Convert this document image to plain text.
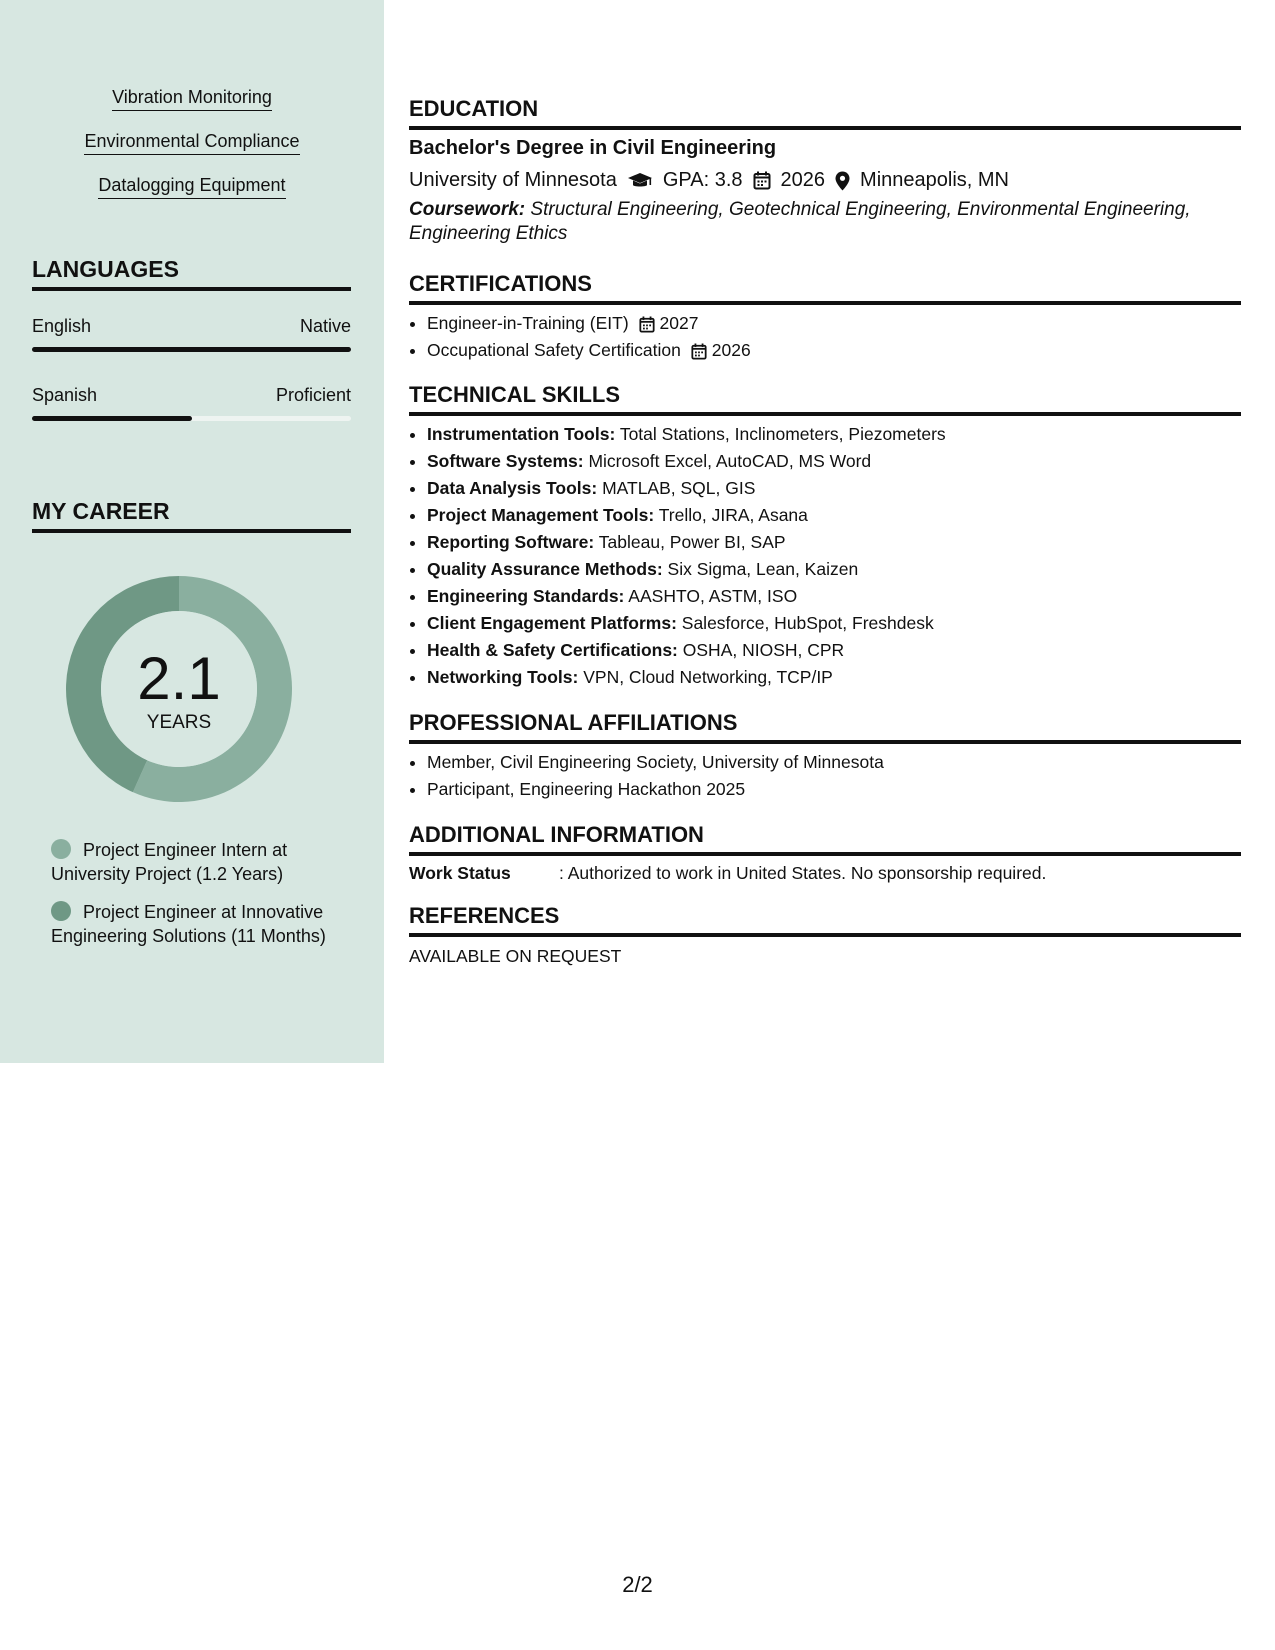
Vibration Monitoring
Environmental Compliance
Datalogging Equipment
LANGUAGES
English	Native
Spanish	Proficient
MY CAREER
2.1
YEARS
Project Engineer Intern at University Project (1.2 Years)
Project Engineer at Innovative Engineering Solutions (11 Months)
EDUCATION
Bachelor's Degree in Civil Engineering
University of Minnesota GPA: 3.8 2026 Minneapolis, MN
Coursework: Structural Engineering, Geotechnical Engineering, Environmental Engineering, Engineering Ethics
CERTIFICATIONS
• Engineer-in-Training (EIT) 2027
• Occupational Safety Certification 2026
TECHNICAL SKILLS
• Instrumentation Tools: Total Stations, Inclinometers, Piezometers
• Software Systems: Microsoft Excel, AutoCAD, MS Word
• Data Analysis Tools: MATLAB, SQL, GIS
• Project Management Tools: Trello, JIRA, Asana
• Reporting Software: Tableau, Power BI, SAP
• Quality Assurance Methods: Six Sigma, Lean, Kaizen
• Engineering Standards: AASHTO, ASTM, ISO
• Client Engagement Platforms: Salesforce, HubSpot, Freshdesk
• Health & Safety Certifications: OSHA, NIOSH, CPR
• Networking Tools: VPN, Cloud Networking, TCP/IP
PROFESSIONAL AFFILIATIONS
• Member, Civil Engineering Society, University of Minnesota
• Participant, Engineering Hackathon 2025
ADDITIONAL INFORMATION
Work Status	: Authorized to work in United States. No sponsorship required.
REFERENCES
AVAILABLE ON REQUEST
2/2
